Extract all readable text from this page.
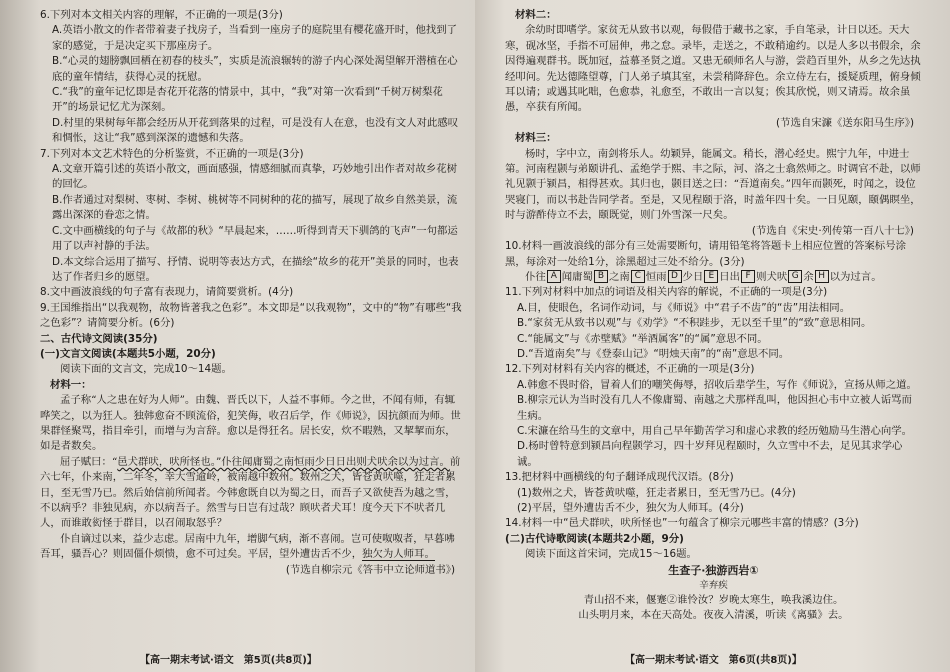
6.下列对本文相关内容的理解，不正确的一项是(3分)
A.英语小散文的作者带着妻子找房子，当看到一座房子的庭院里有樱花盛开时，他找到了家的感觉，于是决定买下那座房子。
B.“心灵的翅膀飘回栖在初春的枝头”，实质是流浪辗转的游子内心深处渴望解开潜植在心底的童年情结，获得心灵的抚慰。
C.“我”的童年记忆即是杏花开花落的情景中，其中，“我”对第一次看到“千树万树梨花开”的场景记忆尤为深刻。
D.村里的果树每年都会经历从开花到落果的过程，可是没有人在意，也没有文人对此感叹和惆怅，这让“我”感到深深的遗憾和失落。
7.下列对本文艺术特色的分析鉴赏，不正确的一项是(3分)
A.文章开篇引述的英语小散文，画面感强，情感细腻而真挚，巧妙地引出作者对故乡花树的回忆。
B.作者通过对梨树、枣树、李树、桃树等不同树种的花的描写，展现了故乡自然美景，流露出深深的眷恋之情。
C.文中画横线的句子与《故都的秋》“早晨起来，……听得到青天下驯鸽的飞声”一句都运用了以声衬静的手法。
D.本文综合运用了描写、抒情、说明等表达方式，在描绘“故乡的花开”美景的同时，也表达了作者归乡的愿望。
8.文中画波浪线的句子富有表现力，请简要赏析。(4分)
9.王国维指出“以我观物，故物皆著我之色彩”。本文即是“以我观物”，文中的“物”有哪些“我之色彩”？请简要分析。(6分)
二、古代诗文阅读(35分)
(一)文言文阅读(本题共5小题，20分)
阅读下面的文言文，完成10～14题。
材料一：
孟子称“人之患在好为人师”。由魏、晋氏以下，人益不事师。今之世，不闻有师，有辄哗笑之，以为狂人。独韩愈奋不顾流俗，犯笑侮，收召后学，作《师说》，因抗颜而为师。世果群怪聚骂，指目牵引，而增与为言辞。愈以是得狂名。居长安，炊不暇熟，又挈挈而东，如是者数矣。
屈子赋曰：“邑犬群吠，吠所怪也。”仆往闻庸蜀之南恒雨少日日出则犬吠余以为过言。前六七年，仆来南，二年冬，幸大雪逾岭，被南越中数州。数州之犬，皆苍黄吠噬，狂走者累日，至无雪乃已。然后始信前所闻者。今韩愈既自以为蜀之日，而吾子又欲使吾为越之雪，不以病乎？非独见病，亦以病吾子。然雪与日岂有过哉？顾吠者犬耳！度今天下不吠者几人，而谁敢衒怪于群目，以召闹取怒乎？
仆自谪过以来，益少志虑。居南中九年，增脚气病，渐不喜闹。岂可使呶呶者，早暮咈吾耳，骚吾心？则固僵仆烦愦，愈不可过矣。平居，望外遭齿舌不少，独欠为人师耳。
(节选自柳宗元《答韦中立论师道书》)
【高一期末考试·语文　第5页(共8页)】
材料二：
余幼时即嗜学。家贫无从致书以观，每假借于藏书之家，手自笔录，计日以还。天大寒，砚冰坚，手指不可屈伸，弗之怠。录毕，走送之，不敢稍逾约。以是人多以书假余，余因得遍观群书。既加冠，益慕圣贤之道。又患无硕师名人与游，尝趋百里外，从乡之先达执经叩问。先达德隆望尊，门人弟子填其室，未尝稍降辞色。余立侍左右，援疑质理，俯身倾耳以请；或遇其叱咄，色愈恭，礼愈至，不敢出一言以复；俟其欣悦，则又请焉。故余虽愚，卒获有所闻。
(节选自宋濂《送东阳马生序》)
材料三：
杨时，字中立，南剑将乐人。幼颖异，能属文。稍长，潜心经史。熙宁九年，中进士第。河南程颢与弟颐讲孔、孟绝学于熙、丰之际，河、洛之士翕然师之。时调官不赴，以师礼见颢于颍昌，相得甚欢。其归也，颢目送之曰：“吾道南矣。”四年而颢死，时闻之，设位哭寝门，而以书赴告同学者。至是，又见程颐于洛，时盖年四十矣。一日见颐，颐偶瞑坐，时与游酢侍立不去，颐既觉，则门外雪深一尺矣。
(节选自《宋史·列传第一百八十七》)
10.材料一画波浪线的部分有三处需要断句，请用铅笔将答题卡上相应位置的答案标号涂黑，每涂对一处给1分，涂黑超过三处不给分。(3分)
仆往 A 闻庸蜀 B 之南 C 恒雨 D 少日 E 日出 F 则犬吠 G 余 H 以为过言。
11.下列对材料中加点的词语及相关内容的解说，不正确的一项是(3分)
A.目，使眼色，名词作动词，与《师说》中“君子不齿”的“齿”用法相同。
B.“家贫无从致书以观”与《劝学》“不积跬步，无以至千里”的“致”意思相同。
C.“能属文”与《赤壁赋》“举酒属客”的“属”意思不同。
D.“吾道南矣”与《登泰山记》“明烛天南”的“南”意思不同。
12.下列对材料有关内容的概述，不正确的一项是(3分)
A.韩愈不畏时俗，冒着人们的嘲笑侮辱，招收后辈学生，写作《师说》，宣扬从师之道。
B.柳宗元认为当时没有几人不像庸蜀、南越之犬那样乱叫，他因担心韦中立被人诟骂而生病。
C.宋濂在给马生的文章中，用自己早年勤苦学习和虚心求教的经历勉励马生潜心向学。
D.杨时曾特意到颍昌向程颢学习，四十岁拜见程颐时，久立雪中不去，足见其求学心诚。
13.把材料中画横线的句子翻译成现代汉语。(8分)
(1)数州之犬，皆苍黄吠噬，狂走者累日，至无雪乃已。(4分)
(2)平居，望外遭齿舌不少，独欠为人师耳。(4分)
14.材料一中“邑犬群吠，吠所怪也”一句蕴含了柳宗元哪些丰富的情感？(3分)
(二)古代诗歌阅读(本题共2小题，9分)
阅读下面这首宋词，完成15～16题。
生查子·独游西岩①
辛弃疾
青山招不来，偃蹇②谁怜汝？岁晚太寒生，唤我溪边住。
山头明月来，本在天高处。夜夜入清溪，听读《离骚》去。
【高一期末考试·语文　第6页(共8页)】
